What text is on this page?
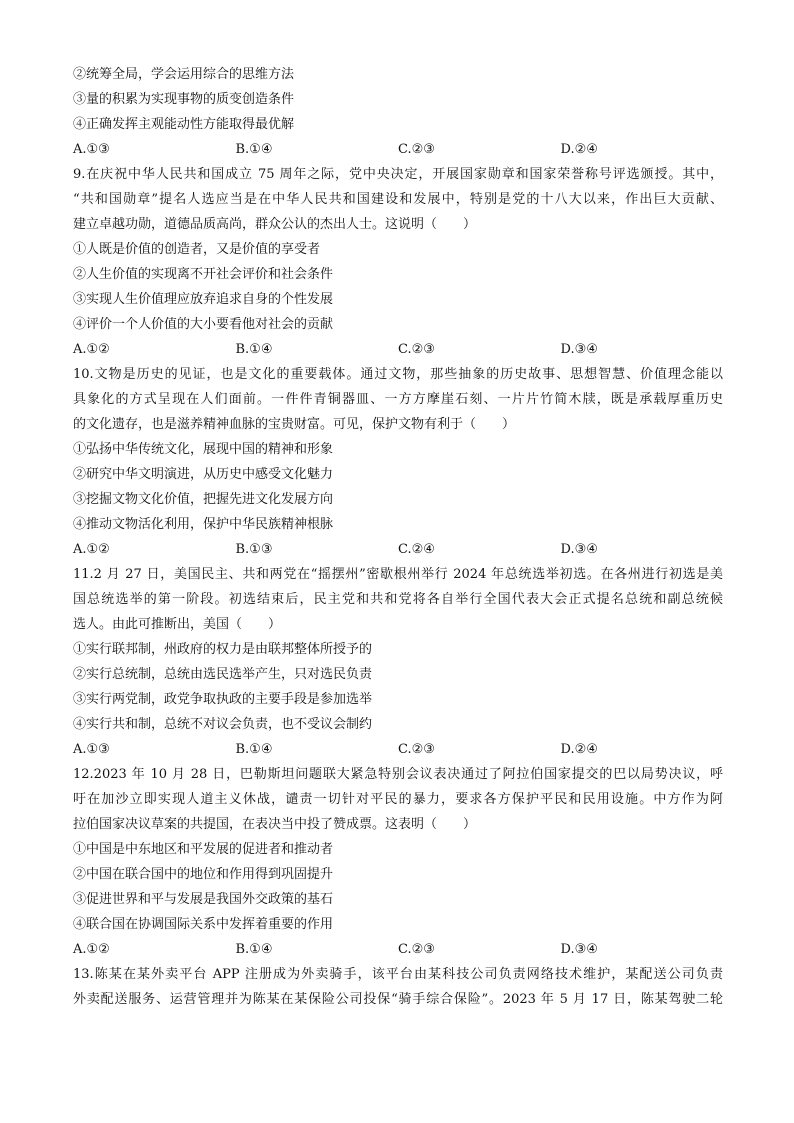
②统筹全局，学会运用综合的思维方法
③量的积累为实现事物的质变创造条件
④正确发挥主观能动性方能取得最优解
A.①③	B.①④	C.②③	D.②④
9.在庆祝中华人民共和国成立 75 周年之际，党中央决定，开展国家勋章和国家荣誉称号评选颁授。其中，
“共和国勋章”提名人选应当是在中华人民共和国建设和发展中，特别是党的十八大以来，作出巨大贡献、
建立卓越功勋，道德品质高尚，群众公认的杰出人士。这说明（　　）
①人既是价值的创造者，又是价值的享受者
②人生价值的实现离不开社会评价和社会条件
③实现人生价值理应放弃追求自身的个性发展
④评价一个人价值的大小要看他对社会的贡献
A.①②	B.①④	C.②③	D.③④
10.文物是历史的见证，也是文化的重要载体。通过文物，那些抽象的历史故事、思想智慧、价值理念能以
具象化的方式呈现在人们面前。一件件青铜器皿、一方方摩崖石刻、一片片竹简木牍，既是承载厚重历史
的文化遗存，也是滋养精神血脉的宝贵财富。可见，保护文物有利于（　　）
①弘扬中华传统文化，展现中国的精神和形象
②研究中华文明演进，从历史中感受文化魅力
③挖掘文物文化价值，把握先进文化发展方向
④推动文物活化利用，保护中华民族精神根脉
A.①②	B.①③	C.②④	D.③④
11.2 月 27 日，美国民主、共和两党在“摇摆州”密歇根州举行 2024 年总统选举初选。在各州进行初选是美
国总统选举的第一阶段。初选结束后，民主党和共和党将各自举行全国代表大会正式提名总统和副总统候
选人。由此可推断出，美国（　　）
①实行联邦制，州政府的权力是由联邦整体所授予的
②实行总统制，总统由选民选举产生，只对选民负责
③实行两党制，政党争取执政的主要手段是参加选举
④实行共和制，总统不对议会负责，也不受议会制约
A.①③	B.①④	C.②③	D.②④
12.2023 年 10 月 28 日，巴勒斯坦问题联大紧急特别会议表决通过了阿拉伯国家提交的巴以局势决议，呼
吁在加沙立即实现人道主义休战，谴责一切针对平民的暴力，要求各方保护平民和民用设施。中方作为阿
拉伯国家决议草案的共提国，在表决当中投了赞成票。这表明（　　）
①中国是中东地区和平发展的促进者和推动者
②中国在联合国中的地位和作用得到巩固提升
③促进世界和平与发展是我国外交政策的基石
④联合国在协调国际关系中发挥着重要的作用
A.①②	B.①④	C.②③	D.③④
13.陈某在某外卖平台 APP 注册成为外卖骑手，该平台由某科技公司负责网络技术维护，某配送公司负责
外卖配送服务、运营管理并为陈某在某保险公司投保“骑手综合保险”。2023 年 5 月 17 日，陈某驾驶二轮
